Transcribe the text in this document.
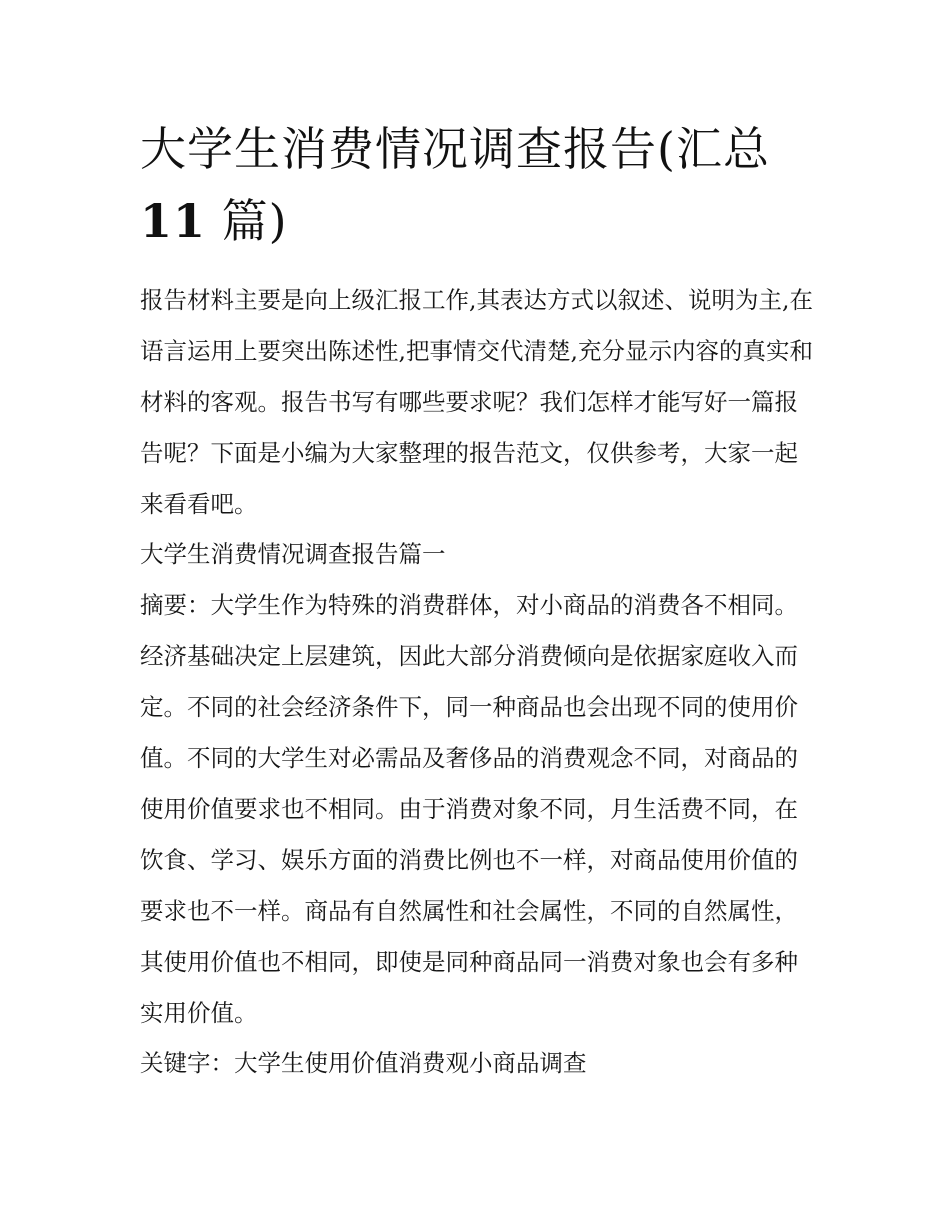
大学生消费情况调查报告(汇总
11 篇)

报告材料主要是向上级汇报工作,其表达方式以叙述、说明为主,在语言运用上要突出陈述性,把事情交代清楚,充分显示内容的真实和材料的客观。报告书写有哪些要求呢？我们怎样才能写好一篇报告呢？下面是小编为大家整理的报告范文，仅供参考，大家一起来看看吧。

大学生消费情况调查报告篇一

摘要：大学生作为特殊的消费群体，对小商品的消费各不相同。经济基础决定上层建筑，因此大部分消费倾向是依据家庭收入而定。不同的社会经济条件下，同一种商品也会出现不同的使用价值。不同的大学生对必需品及奢侈品的消费观念不同，对商品的使用价值要求也不相同。由于消费对象不同，月生活费不同，在饮食、学习、娱乐方面的消费比例也不一样，对商品使用价值的要求也不一样。商品有自然属性和社会属性，不同的自然属性，其使用价值也不相同，即使是同种商品同一消费对象也会有多种实用价值。

关键字：大学生使用价值消费观小商品调查
